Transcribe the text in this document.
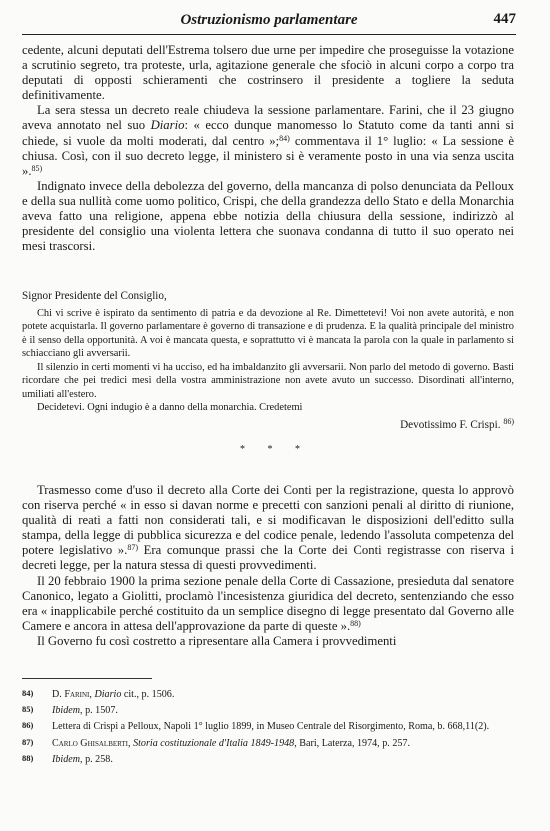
Ostruzionismo parlamentare	447

cedente, alcuni deputati dell'Estrema tolsero due urne per impedire che proseguisse la votazione a scrutinio segreto, tra proteste, urla, agitazione generale che sfociò in alcuni corpo a corpo tra deputati di opposti schieramenti che costrinsero il presidente a togliere la seduta definitivamente.

La sera stessa un decreto reale chiudeva la sessione parlamentare. Farini, che il 23 giugno aveva annotato nel suo Diario: « ecco dunque manomesso lo Statuto come da tanti anni si chiede, si vuole da molti moderati, dal centro »;$^{84)}$ commentava il 1° luglio: « La sessione è chiusa. Così, con il suo decreto legge, il ministero si è veramente posto in una via senza uscita ».$^{85)}$

Indignato invece della debolezza del governo, della mancanza di polso denunciata da Pelloux e della sua nullità come uomo politico, Crispi, che della grandezza dello Stato e della Monarchia aveva fatto una religione, appena ebbe notizia della chiusura della sessione, indirizzò al presidente del consiglio una violenta lettera che suonava condanna di tutto il suo operato nei mesi trascorsi.

Signor Presidente del Consiglio,

Chi vi scrive è ispirato da sentimento di patria e da devozione al Re. Dimettetevi! Voi non avete autorità, e non potete acquistarla. Il governo parlamentare è governo di transazione e di prudenza. E la qualità principale del ministro è il senso della opportunità. A voi è mancata questa, e soprattutto vi è mancata la parola con la quale in parlamento si schiacciano gli avversarii.

Il silenzio in certi momenti vi ha ucciso, ed ha imbaldanzito gli avversarii. Non parlo del metodo di governo. Basti ricordare che pei tredici mesi della vostra amministrazione non avete avuto un successo. Disordinati all'interno, umiliati all'estero.

Decidetevi. Ogni indugio è a danno della monarchia. Credetemi

Devotissimo F. Crispi. $^{86)}$

* * *

Trasmesso come d'uso il decreto alla Corte dei Conti per la registrazione, questa lo approvò con riserva perché « in esso si davan norme e precetti con sanzioni penali al diritto di riunione, qualità di reati a fatti non considerati tali, e si modificavan le disposizioni dell'editto sulla stampa, della legge di pubblica sicurezza e del codice penale, ledendo l'assoluta competenza del potere legislativo ».$^{87)}$ Era comunque prassi che la Corte dei Conti registrasse con riserva i decreti legge, per la natura stessa di questi provvedimenti.

Il 20 febbraio 1900 la prima sezione penale della Corte di Cassazione, presieduta dal senatore Canonico, legato a Giolitti, proclamò l'incesistenza giuridica del decreto, sentenziando che esso era « inapplicabile perché costituito da un semplice disegno di legge presentato dal Governo alle Camere e ancora in attesa dell'approvazione da parte di queste ».$^{88)}$

Il Governo fu così costretto a ripresentare alla Camera i provvedimenti

84) D. Farini, Diario cit., p. 1506.

85) Ibidem, p. 1507.

86) Lettera di Crispi a Pelloux, Napoli 1° luglio 1899, in Museo Centrale del Risorgimento, Roma, b. 668,11(2).

87) Carlo Ghisalberti, Storia costituzionale d'Italia 1849-1948, Bari, Laterza, 1974, p. 257.

88) Ibidem, p. 258.
